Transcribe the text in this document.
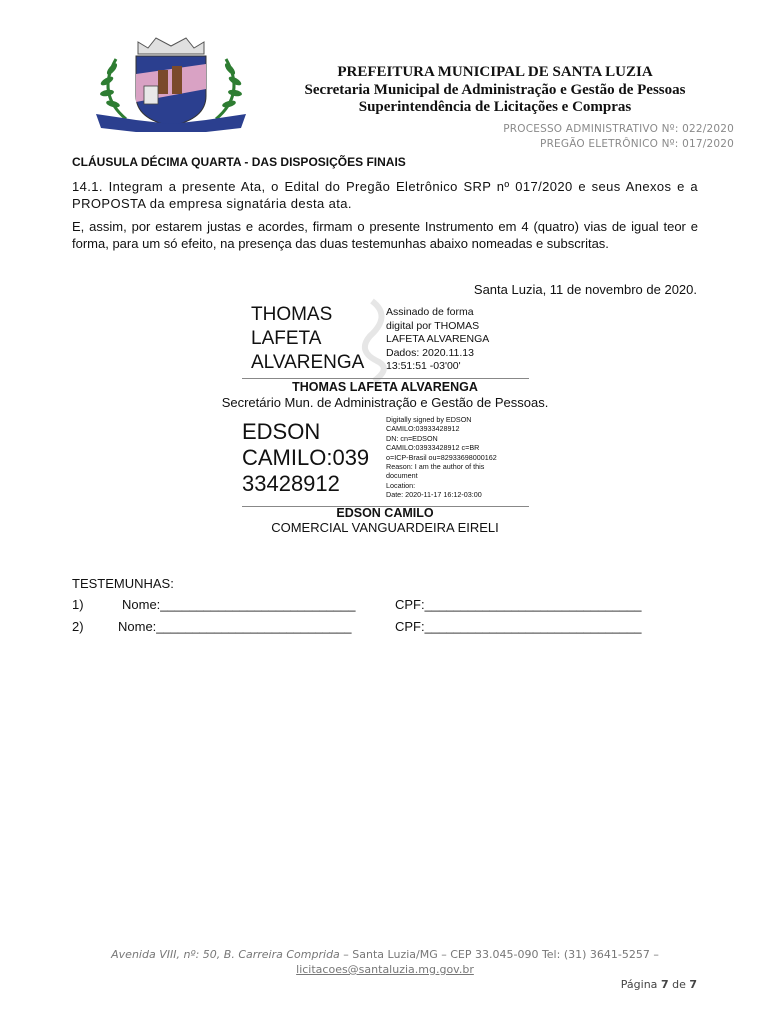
PREFEITURA MUNICIPAL DE SANTA LUZIA
Secretaria Municipal de Administração e Gestão de Pessoas
Superintendência de Licitações e Compras
PROCESSO ADMINISTRATIVO Nº: 022/2020
PREGÃO ELETRÔNICO Nº: 017/2020
CLÁUSULA DÉCIMA QUARTA - DAS DISPOSIÇÕES FINAIS
14.1. Integram a presente Ata, o Edital do Pregão Eletrônico SRP nº 017/2020 e seus Anexos e a PROPOSTA da empresa signatária desta ata.
E, assim, por estarem justas e acordes, firmam o presente Instrumento em 4 (quatro) vias de igual teor e forma, para um só efeito, na presença das duas testemunhas abaixo nomeadas e subscritas.
Santa Luzia, 11 de novembro de 2020.
THOMAS
LAFETA
ALVARENGA
Assinado de forma
digital por THOMAS
LAFETA ALVARENGA
Dados: 2020.11.13
13:51:51 -03'00'
THOMAS LAFETA ALVARENGA
Secretário Mun. de Administração e Gestão de Pessoas.
EDSON
CAMILO:039
33428912
Digitally signed by EDSON
CAMILO:03933428912
DN: cn=EDSON
CAMILO:03933428912 c=BR
o=ICP-Brasil ou=82933698000162
Reason: I am the author of this
document
Location:
Date: 2020-11-17 16:12-03:00
EDSON CAMILO
COMERCIAL VANGUARDEIRA EIRELI
TESTEMUNHAS:
1)	Nome:___________________________	CPF:______________________________
2)	Nome:___________________________	CPF:______________________________
Avenida VIII, nº: 50, B. Carreira Comprida – Santa Luzia/MG – CEP 33.045-090 Tel: (31) 3641-5257 –
licitacoes@santaluzia.mg.gov.br
Página 7 de 7
